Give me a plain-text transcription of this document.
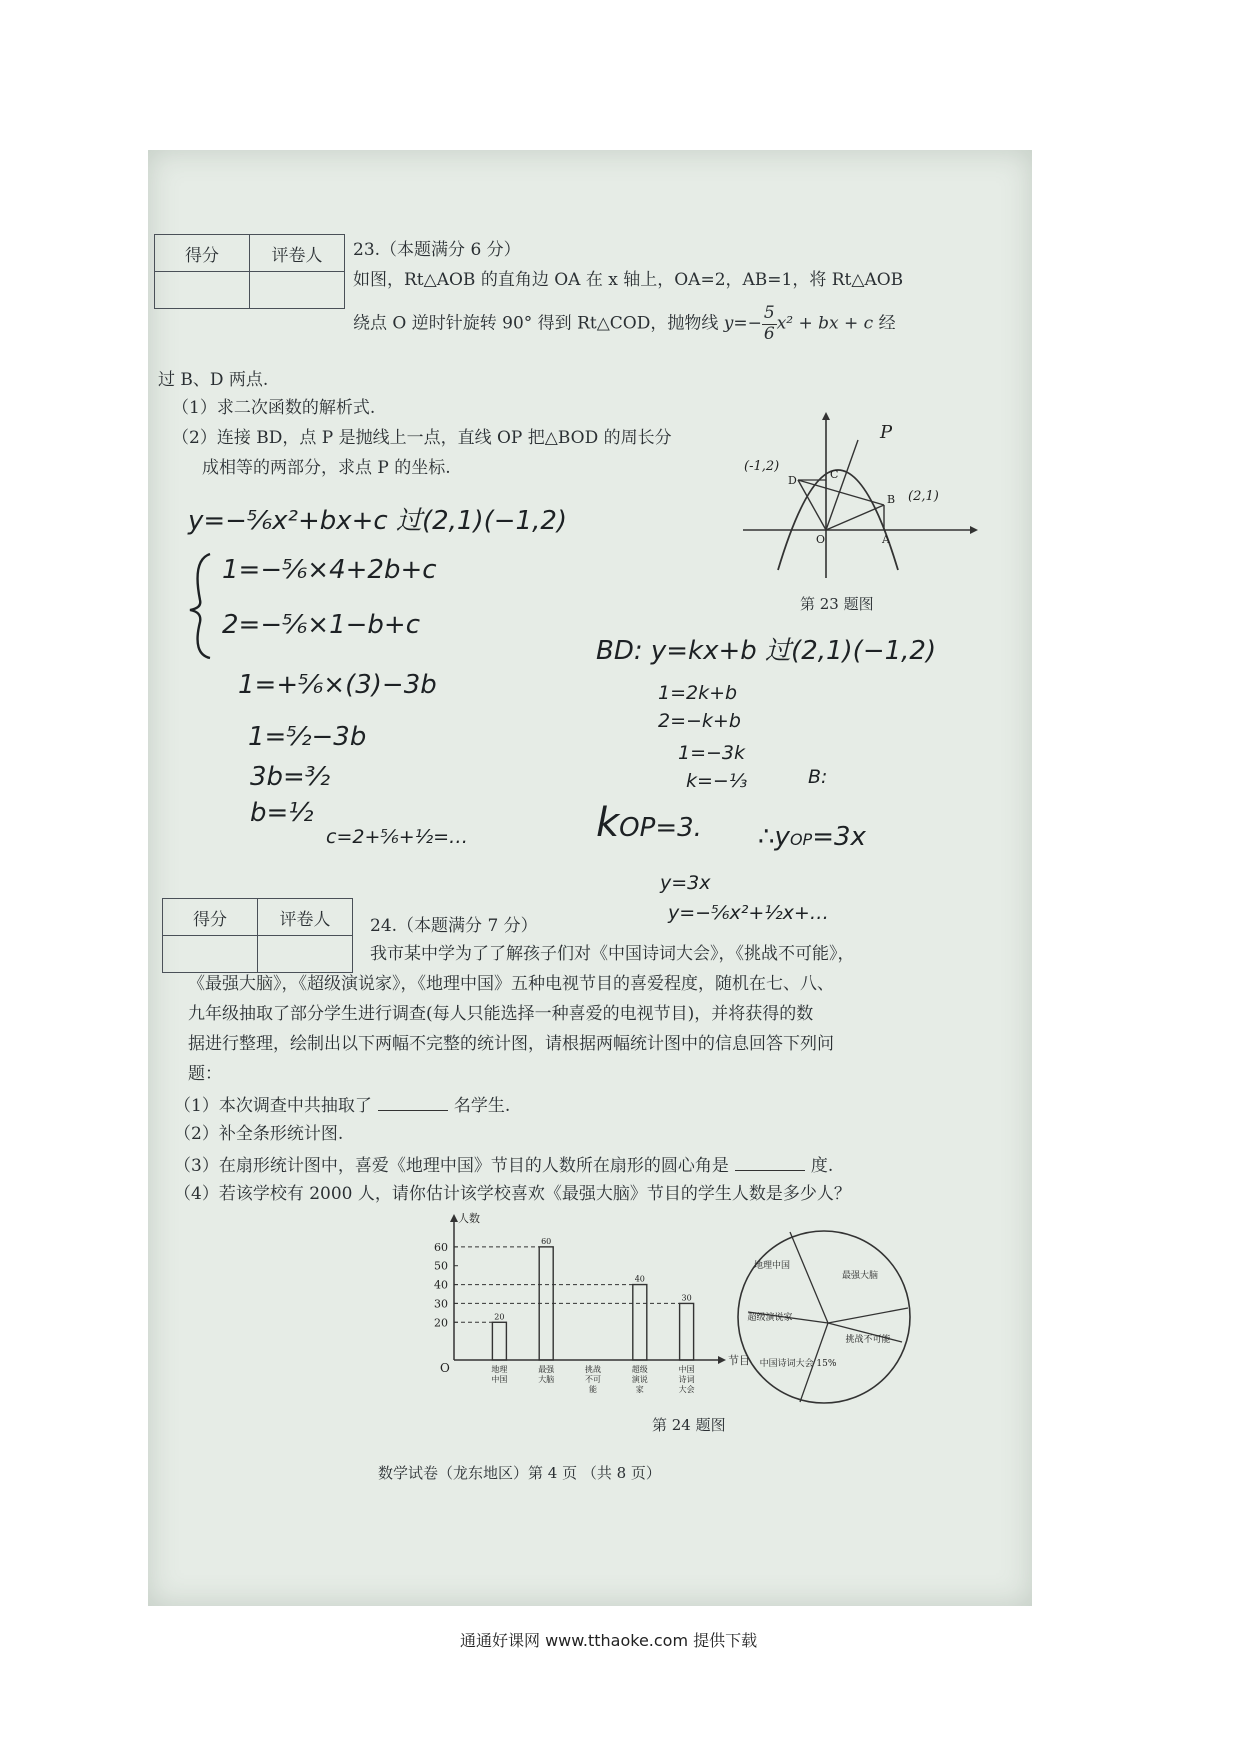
得分	评卷人
	23.（本题满分 6 分）
如图，Rt△AOB 的直角边 OA 在 x 轴上，OA=2，AB=1，将 Rt△AOB
绕点 O 逆时针旋转 90° 得到 Rt△COD，抛物线 $y=- \frac{5}{6} x^2$ + bx + c 经
过 B、D 两点.
（1）求二次函数的解析式.
（2）连接 BD，点 P 是抛线上一点，直线 OP 把△BOD 的周长分
成相等的两部分，求点 P 的坐标.	(-1,2)
(2,1)
P
D
B
C
A
O
第 23 题图
y=−⁵⁄₆x²+bx+c 过(2,1)(−1,2)
1=−⁵⁄₆×4+2b+c
2=−⁵⁄₆×1−b+c
1=+⁵⁄₆×(3)−3b
1=⁵⁄₂−3b
3b=³⁄₂
b=½
c=2+⁵⁄₆+½=…
BD: y=kx+b 过(2,1)(−1,2)
1=2k+b
2=−k+b
1=−3k
k=−⅓	B:
kOP=3. ∴yOP=3x
y=3x
y=−⁵⁄₆x²+½x+…
得分	评卷人
	24.（本题满分 7 分）
我市某中学为了了解孩子们对《中国诗词大会》，《挑战不可能》，
《最强大脑》，《超级演说家》，《地理中国》五种电视节目的喜爱程度，随机在七、八、
九年级抽取了部分学生进行调查(每人只能选择一种喜爱的电视节目)，并将获得的数
据进行整理，绘制出以下两幅不完整的统计图，请根据两幅统计图中的信息回答下列问
题：
（1）本次调查中共抽取了	名学生.
（2）补全条形统计图.
（3）在扇形统计图中，喜爱《地理中国》节目的人数所在扇形的圆心角是	度.
（4）若该学校有 2000 人，请你估计该学校喜欢《最强大脑》节目的学生人数是多少人？
人数
节目
O
20
30
40
50
60
20
地理
中国
60
最强
大脑
挑战
不可
能
40
超级
演说
家
30
中国
诗词
大会
地理中国
最强大脑
挑战不可能
中国诗词大会 15%
超级演说家
第 24 题图
数学试卷（龙东地区）第 4 页 （共 8 页）
通通好课网 www.tthaoke.com 提供下载
